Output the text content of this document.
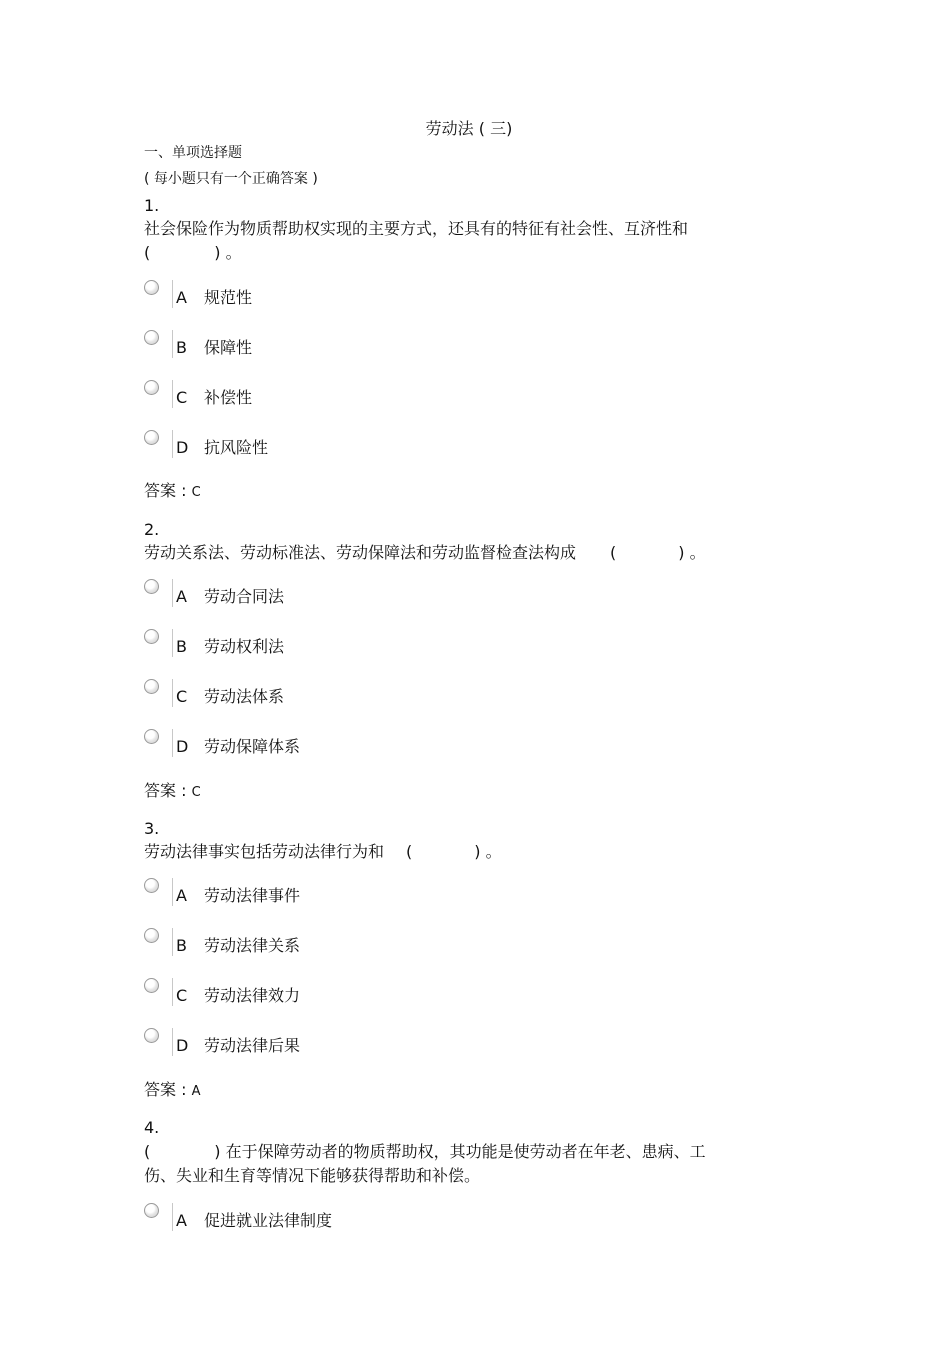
劳动法 ( 三)
一、单项选择题
( 每小题只有一个正确答案 )
1.
社会保险作为物质帮助权实现的主要方式，还具有的特征有社会性、互济性和
(	) 。
A 规范性
B 保障性
C 补偿性
D 抗风险性
答案 : C
2.
劳动关系法、劳动标准法、劳动保障法和劳动监督检查法构成 (	) 。
A 劳动合同法
B 劳动权利法
C 劳动法体系
D 劳动保障体系
答案 : C
3.
劳动法律事实包括劳动法律行为和 (	) 。
A 劳动法律事件
B 劳动法律关系
C 劳动法律效力
D 劳动法律后果
答案 : A
4.
(	) 在于保障劳动者的物质帮助权，其功能是使劳动者在年老、患病、工
伤、失业和生育等情况下能够获得帮助和补偿。
A 促进就业法律制度
